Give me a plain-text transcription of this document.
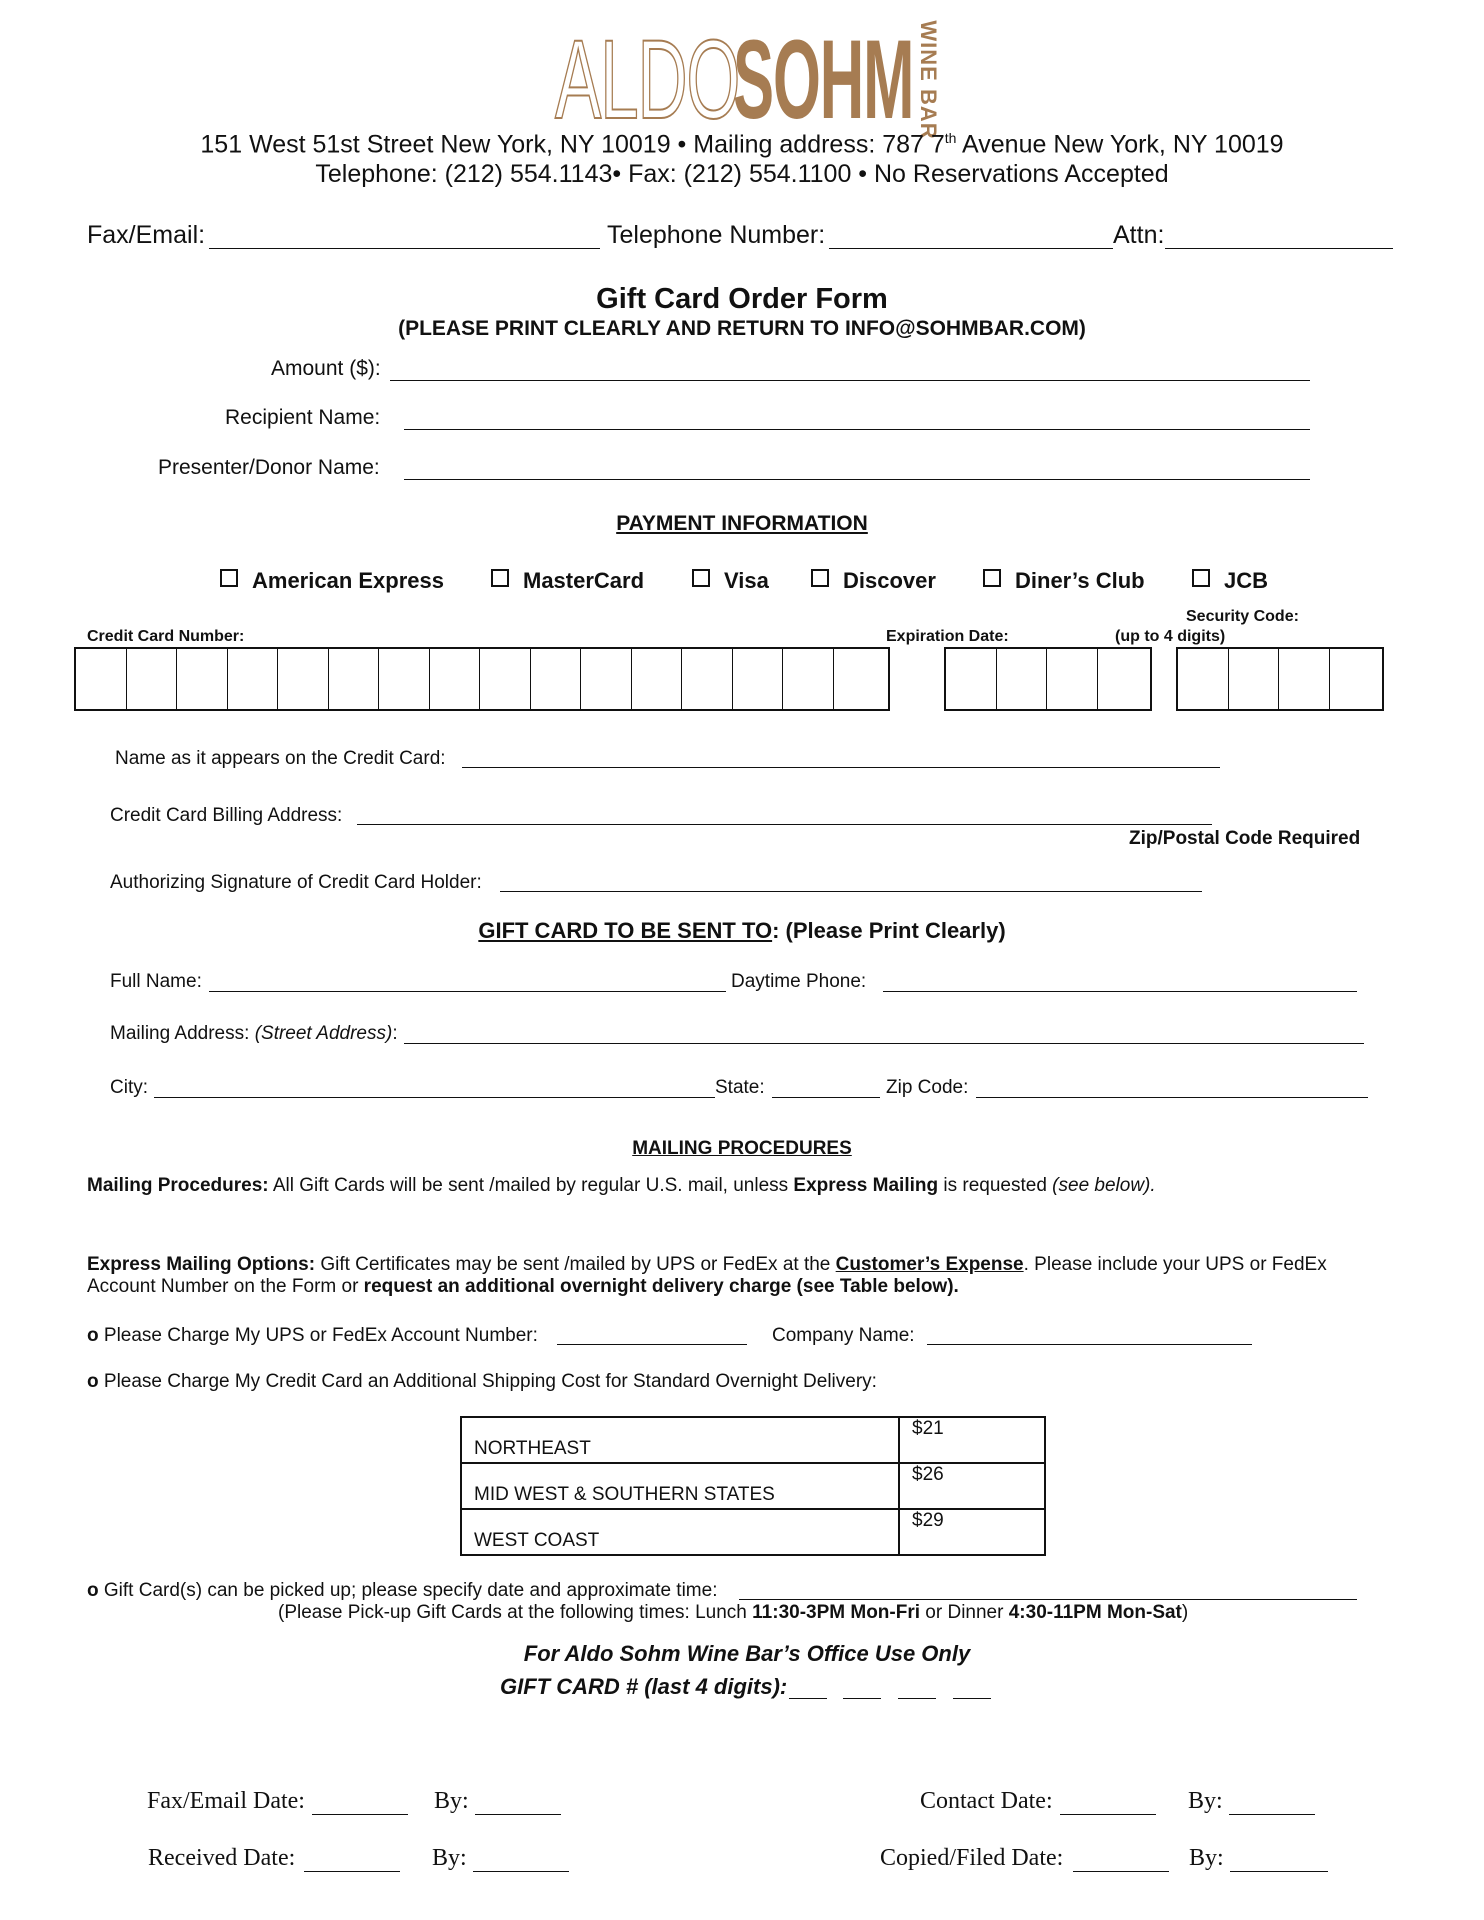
ALDO
SOHM WINE BAR
151 West 51st Street New York, NY 10019 • Mailing address: 787 7th Avenue New York, NY 10019
Telephone: (212) 554.1143• Fax: (212) 554.1100 • No Reservations Accepted
Fax/Email:	Telephone Number:	Attn:
Gift Card Order Form
(PLEASE PRINT CLEARLY AND RETURN TO INFO@SOHMBAR.COM)
Amount ($):
Recipient Name:
Presenter/Donor Name:
PAYMENT INFORMATION
American Express	MasterCard	Visa	Discover	Diner’s Club	JCB
Credit Card Number:	Expiration Date:
Security Code:
(up to 4 digits)
Name as it appears on the Credit Card:
Credit Card Billing Address:
Zip/Postal Code Required
Authorizing Signature of Credit Card Holder:
GIFT CARD TO BE SENT TO: (Please Print Clearly)
Full Name:	Daytime Phone:
Mailing Address: (Street Address):
City:	State:	Zip Code:
MAILING PROCEDURES
Mailing Procedures: All Gift Cards will be sent /mailed by regular U.S. mail, unless Express Mailing is requested (see below).
Express Mailing Options: Gift Certificates may be sent /mailed by UPS or FedEx at the Customer’s Expense. Please include your UPS or FedEx Account Number on the Form or request an additional overnight delivery charge (see Table below).
o Please Charge My UPS or FedEx Account Number:	Company Name:
o Please Charge My Credit Card an Additional Shipping Cost for Standard Overnight Delivery:
NORTHEAST	$21
MID WEST & SOUTHERN STATES	$26
WEST COAST	$29
o Gift Card(s) can be picked up; please specify date and approximate time:
(Please Pick-up Gift Cards at the following times: Lunch 11:30-3PM Mon-Fri or Dinner 4:30-11PM Mon-Sat)
For Aldo Sohm Wine Bar’s Office Use Only
GIFT CARD # (last 4 digits):
Fax/Email Date:	By:	Contact Date:	By:
Received Date:	By:	Copied/Filed Date:	By:
